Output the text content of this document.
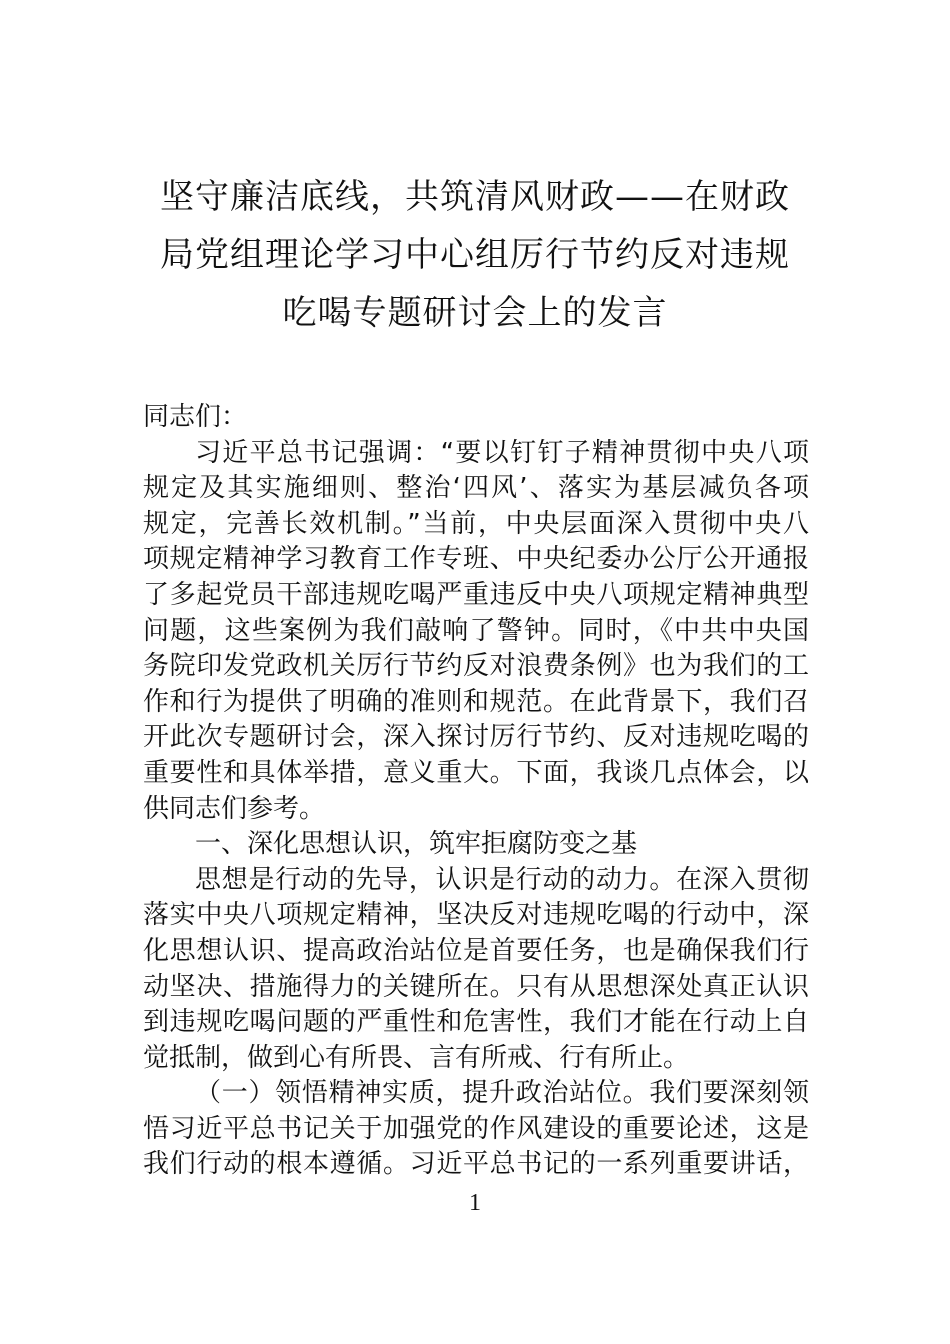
坚守廉洁底线，共筑清风财政——在财政
局党组理论学习中心组厉行节约反对违规
吃喝专题研讨会上的发言

同志们：

习近平总书记强调：“要以钉钉子精神贯彻中央八项
规定及其实施细则、整治‘四风’、落实为基层减负各项
规定，完善长效机制。”当前，中央层面深入贯彻中央八
项规定精神学习教育工作专班、中央纪委办公厅公开通报
了多起党员干部违规吃喝严重违反中央八项规定精神典型
问题，这些案例为我们敲响了警钟。同时，《中共中央国
务院印发党政机关厉行节约反对浪费条例》也为我们的工
作和行为提供了明确的准则和规范。在此背景下，我们召
开此次专题研讨会，深入探讨厉行节约、反对违规吃喝的
重要性和具体举措，意义重大。下面，我谈几点体会，以
供同志们参考。

一、深化思想认识，筑牢拒腐防变之基

思想是行动的先导，认识是行动的动力。在深入贯彻
落实中央八项规定精神，坚决反对违规吃喝的行动中，深
化思想认识、提高政治站位是首要任务，也是确保我们行
动坚决、措施得力的关键所在。只有从思想深处真正认识
到违规吃喝问题的严重性和危害性，我们才能在行动上自
觉抵制，做到心有所畏、言有所戒、行有所止。

（一）领悟精神实质，提升政治站位。我们要深刻领
悟习近平总书记关于加强党的作风建设的重要论述，这是
我们行动的根本遵循。习近平总书记的一系列重要讲话，

1
